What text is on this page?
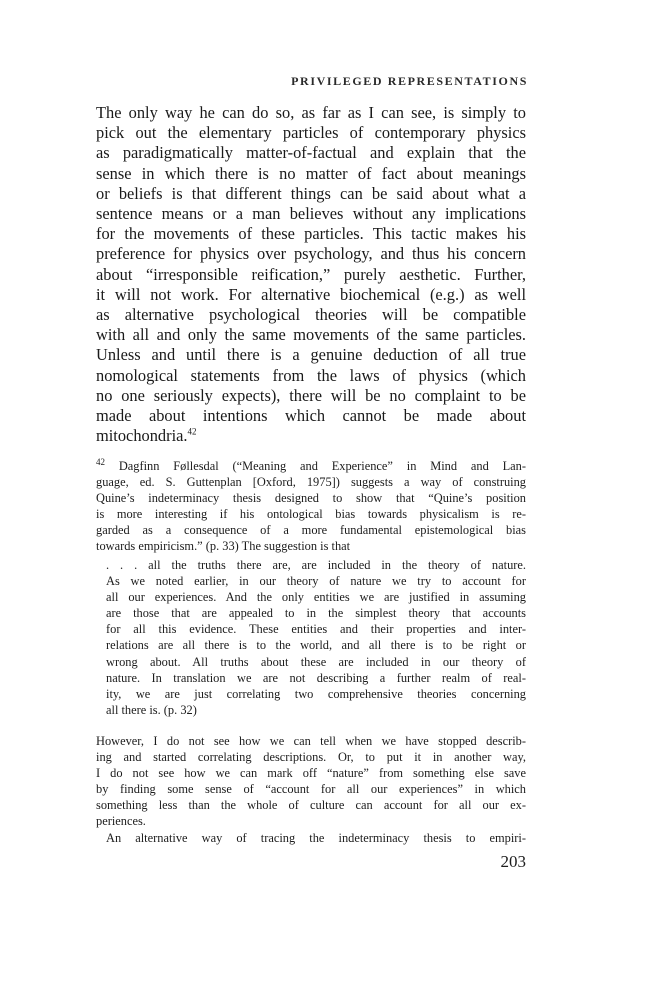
PRIVILEGED REPRESENTATIONS
The only way he can do so, as far as I can see, is simply to
pick out the elementary particles of contemporary physics
as paradigmatically matter-of-factual and explain that the
sense in which there is no matter of fact about meanings
or beliefs is that different things can be said about what a
sentence means or a man believes without any implications
for the movements of these particles. This tactic makes his
preference for physics over psychology, and thus his concern
about “irresponsible reification,” purely aesthetic. Further,
it will not work. For alternative biochemical (e.g.) as well
as alternative psychological theories will be compatible
with all and only the same movements of the same particles.
Unless and until there is a genuine deduction of all true
nomological statements from the laws of physics (which
no one seriously expects), there will be no complaint to be
made about intentions which cannot be made about
mitochondria.$^{42}$
$^{42}$ Dagfinn Føllesdal (“Meaning and Experience” in Mind and Lan-
guage, ed. S. Guttenplan [Oxford, 1975]) suggests a way of construing
Quine’s indeterminacy thesis designed to show that “Quine’s position
is more interesting if his ontological bias towards physicalism is re-
garded as a consequence of a more fundamental epistemological bias
towards empiricism.” (p. 33) The suggestion is that
. . . all the truths there are, are included in the theory of nature.
As we noted earlier, in our theory of nature we try to account for
all our experiences. And the only entities we are justified in assuming
are those that are appealed to in the simplest theory that accounts
for all this evidence. These entities and their properties and inter-
relations are all there is to the world, and all there is to be right or
wrong about. All truths about these are included in our theory of
nature. In translation we are not describing a further realm of real-
ity, we are just correlating two comprehensive theories concerning
all there is. (p. 32)
However, I do not see how we can tell when we have stopped describ-
ing and started correlating descriptions. Or, to put it in another way,
I do not see how we can mark off “nature” from something else save
by finding some sense of “account for all our experiences” in which
something less than the whole of culture can account for all our ex-
periences.
An alternative way of tracing the indeterminacy thesis to empiri-
203
